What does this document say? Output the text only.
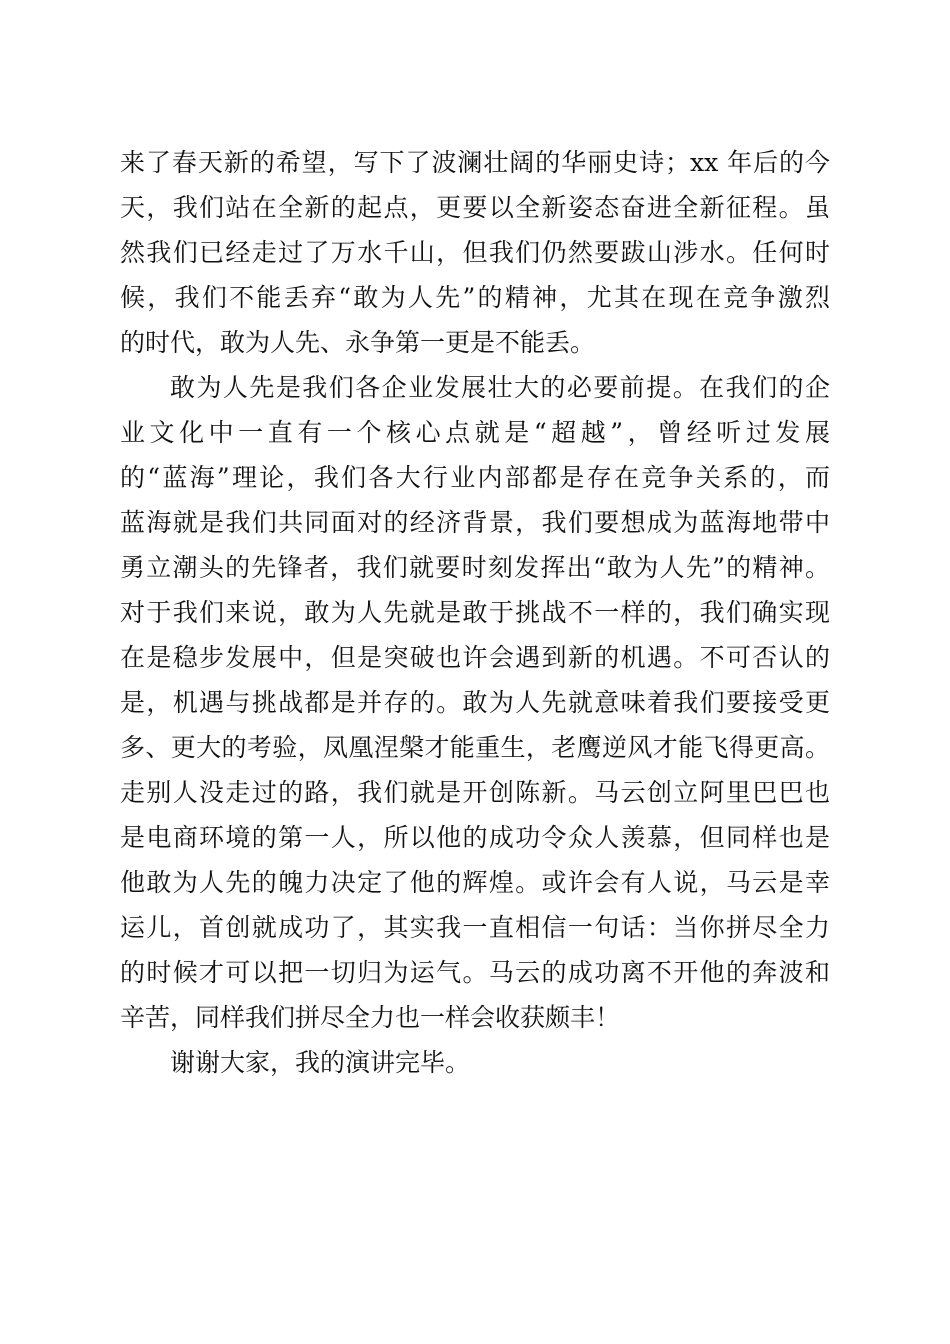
来了春天新的希望，写下了波澜壮阔的华丽史诗；xx 年后的今
天，我们站在全新的起点，更要以全新姿态奋进全新征程。虽
然我们已经走过了万水千山，但我们仍然要跋山涉水。任何时
候，我们不能丢弃“敢为人先”的精神，尤其在现在竞争激烈
的时代，敢为人先、永争第一更是不能丢。
敢为人先是我们各企业发展壮大的必要前提。在我们的企
业文化中一直有一个核心点就是“超越”，曾经听过发展
的“蓝海”理论，我们各大行业内部都是存在竞争关系的，而
蓝海就是我们共同面对的经济背景，我们要想成为蓝海地带中
勇立潮头的先锋者，我们就要时刻发挥出“敢为人先”的精神。
对于我们来说，敢为人先就是敢于挑战不一样的，我们确实现
在是稳步发展中，但是突破也许会遇到新的机遇。不可否认的
是，机遇与挑战都是并存的。敢为人先就意味着我们要接受更
多、更大的考验，凤凰涅槃才能重生，老鹰逆风才能飞得更高。
走别人没走过的路，我们就是开创陈新。马云创立阿里巴巴也
是电商环境的第一人，所以他的成功令众人羡慕，但同样也是
他敢为人先的魄力决定了他的辉煌。或许会有人说，马云是幸
运儿，首创就成功了，其实我一直相信一句话：当你拼尽全力
的时候才可以把一切归为运气。马云的成功离不开他的奔波和
辛苦，同样我们拼尽全力也一样会收获颇丰！
谢谢大家，我的演讲完毕。
